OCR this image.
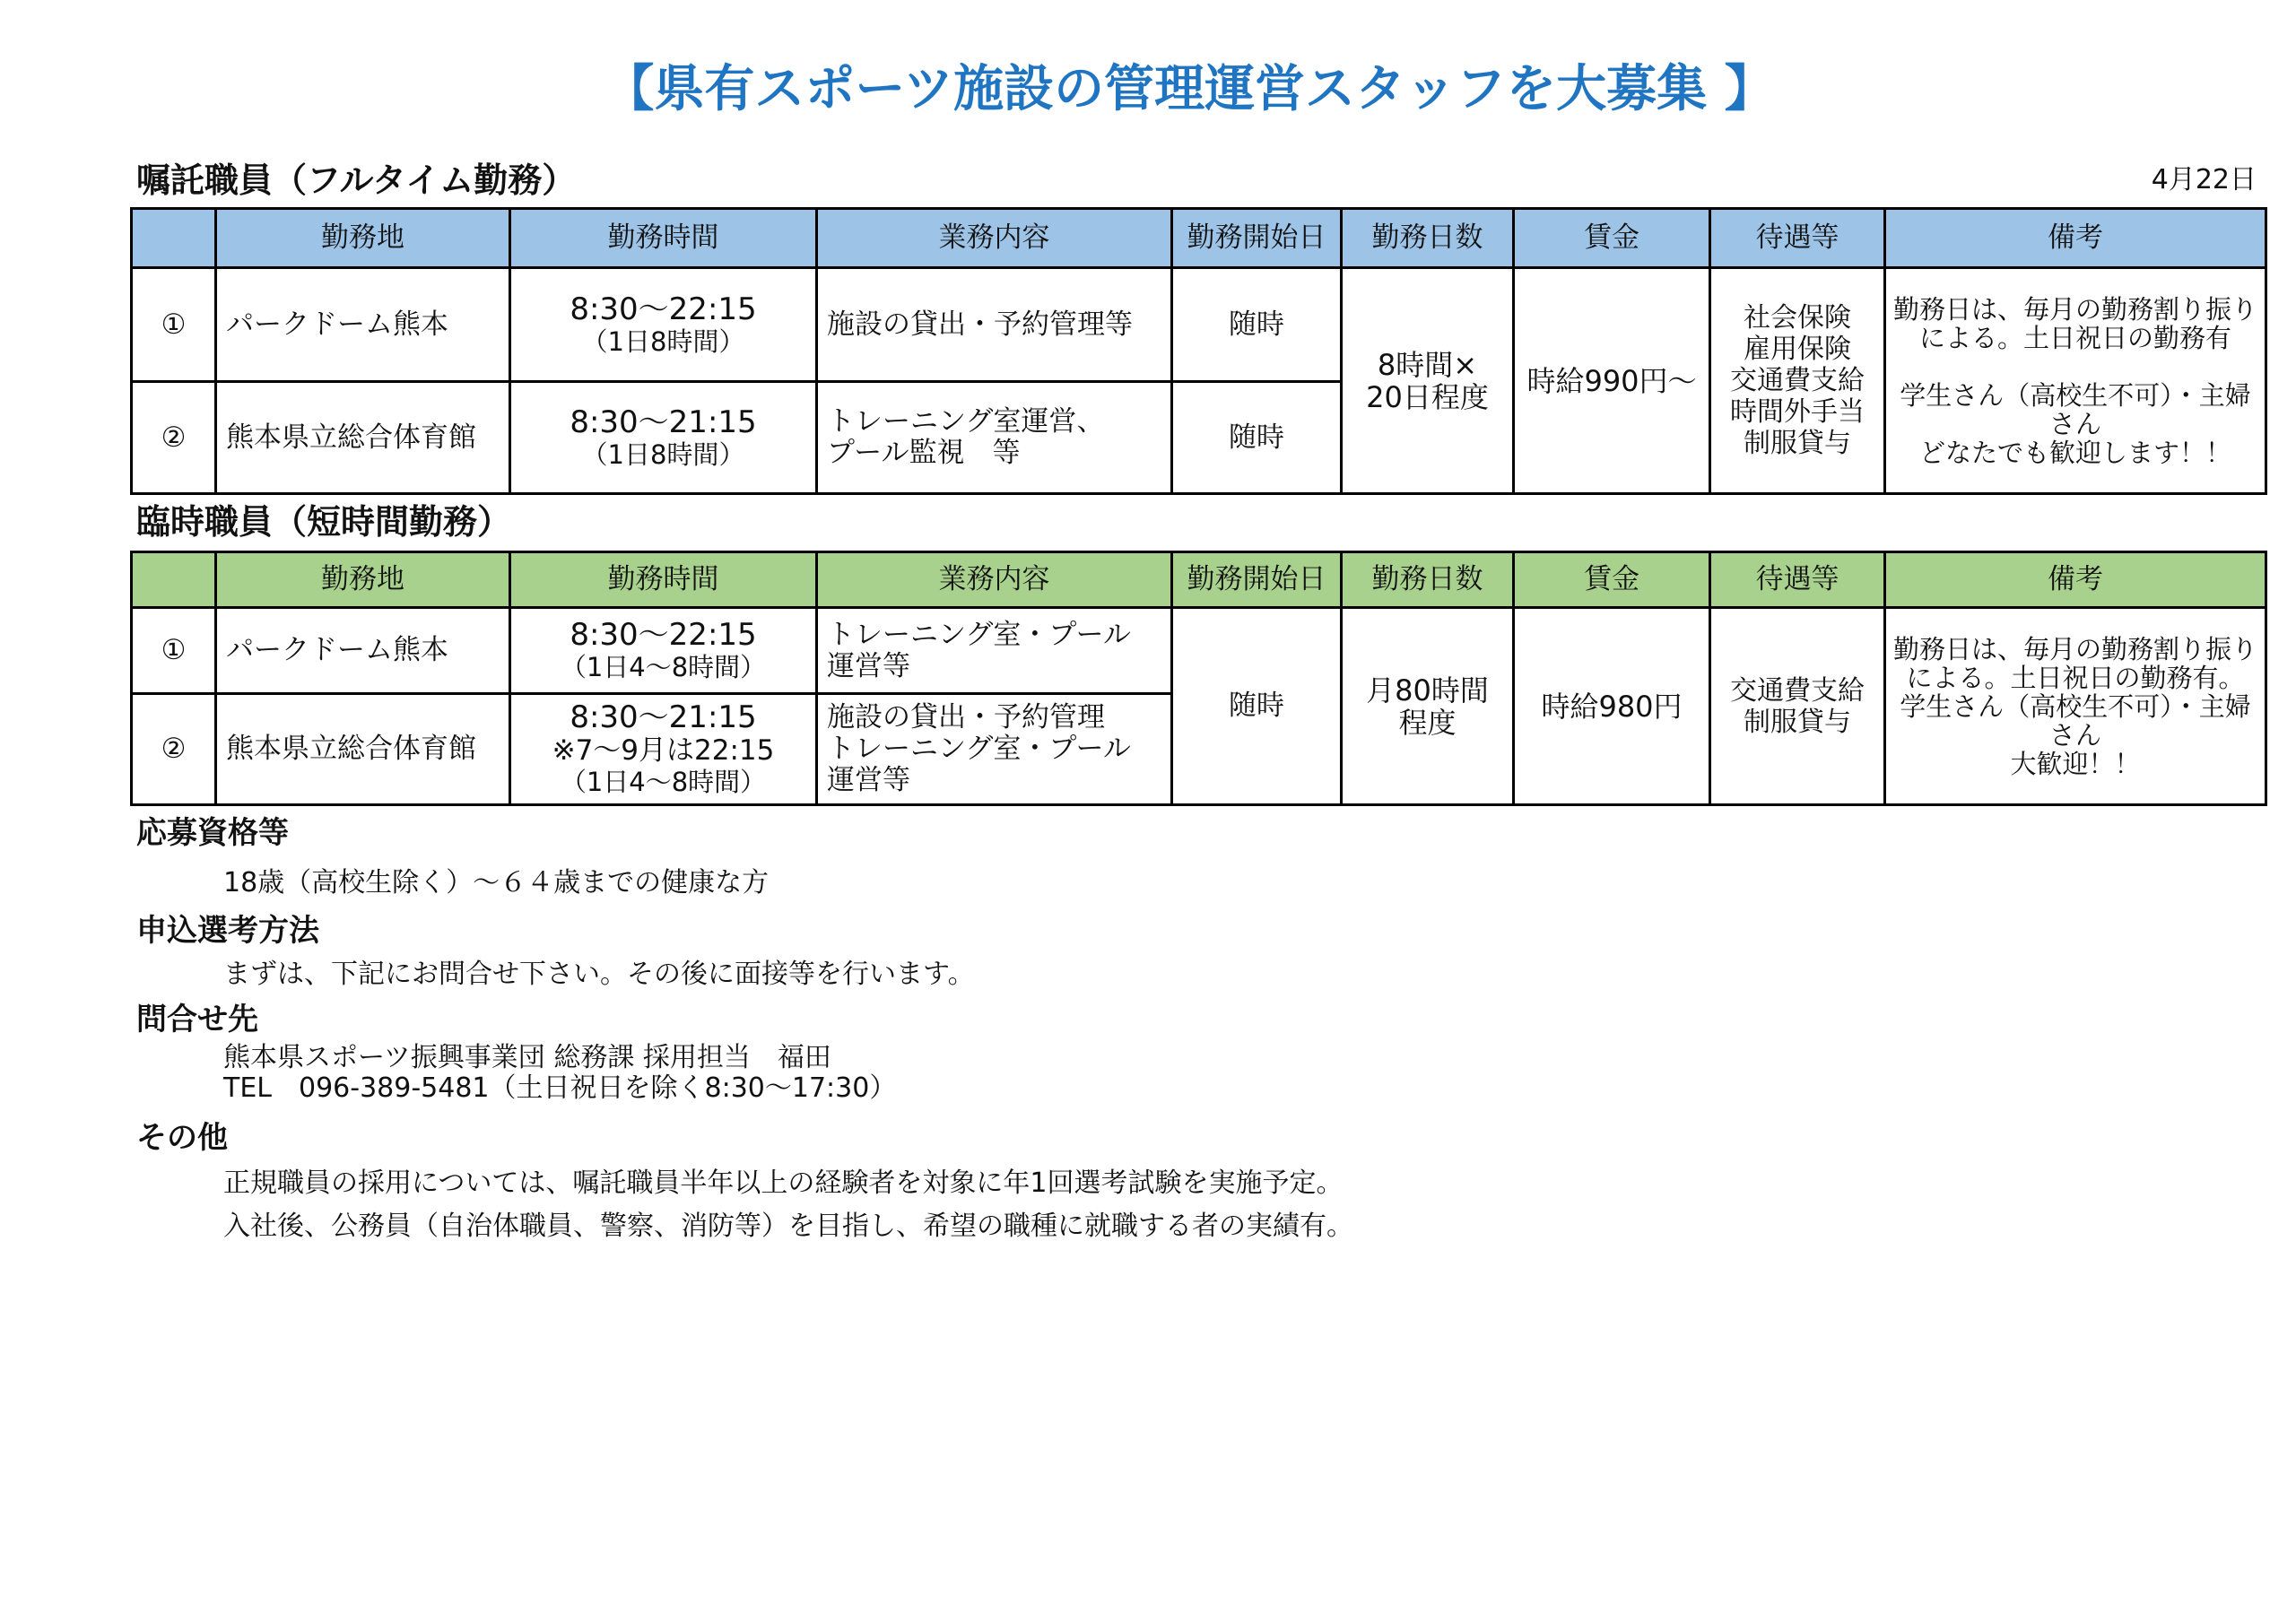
【県有スポーツ施設の管理運営スタッフを大募集 】
嘱託職員（フルタイム勤務）	4月22日
	勤務地	勤務時間	業務内容	勤務開始日	勤務日数	賃金	待遇等	備考
①	パークドーム熊本	8:30〜22:15
（1日8時間）	施設の貸出・予約管理等	随時	8時間×
20日程度	時給990円〜	社会保険
雇用保険
交通費支給
時間外手当
制服貸与	勤務日は、毎月の勤務割り振り
による。土日祝日の勤務有
学生さん（高校生不可）・主婦
さん
どなたでも歓迎します！！

②	熊本県立総合体育館	8:30〜21:15
（1日8時間）	トレーニング室運営、
プール監視　等	随時				
臨時職員（短時間勤務）
	勤務地	勤務時間	業務内容	勤務開始日	勤務日数	賃金	待遇等	備考
①	パークドーム熊本	8:30〜22:15
（1日4〜8時間）	トレーニング室・プール
運営等	随時	月80時間
程度	時給980円	交通費支給
制服貸与	勤務日は、毎月の勤務割り振り
による。土日祝日の勤務有。
学生さん（高校生不可）・主婦
さん
大歓迎！！

②	熊本県立総合体育館	8:30〜21:15
※7〜9月は22:15
（1日4〜8時間）	施設の貸出・予約管理
トレーニング室・プール
運営等					
応募資格等
18歳（高校生除く）〜６４歳までの健康な方
申込選考方法
まずは、下記にお問合せ下さい。その後に面接等を行います。
問合せ先
熊本県スポーツ振興事業団 総務課 採用担当　福田
TEL　096-389-5481（土日祝日を除く8:30〜17:30）
その他
正規職員の採用については、嘱託職員半年以上の経験者を対象に年1回選考試験を実施予定。
入社後、公務員（自治体職員、警察、消防等）を目指し、希望の職種に就職する者の実績有。
